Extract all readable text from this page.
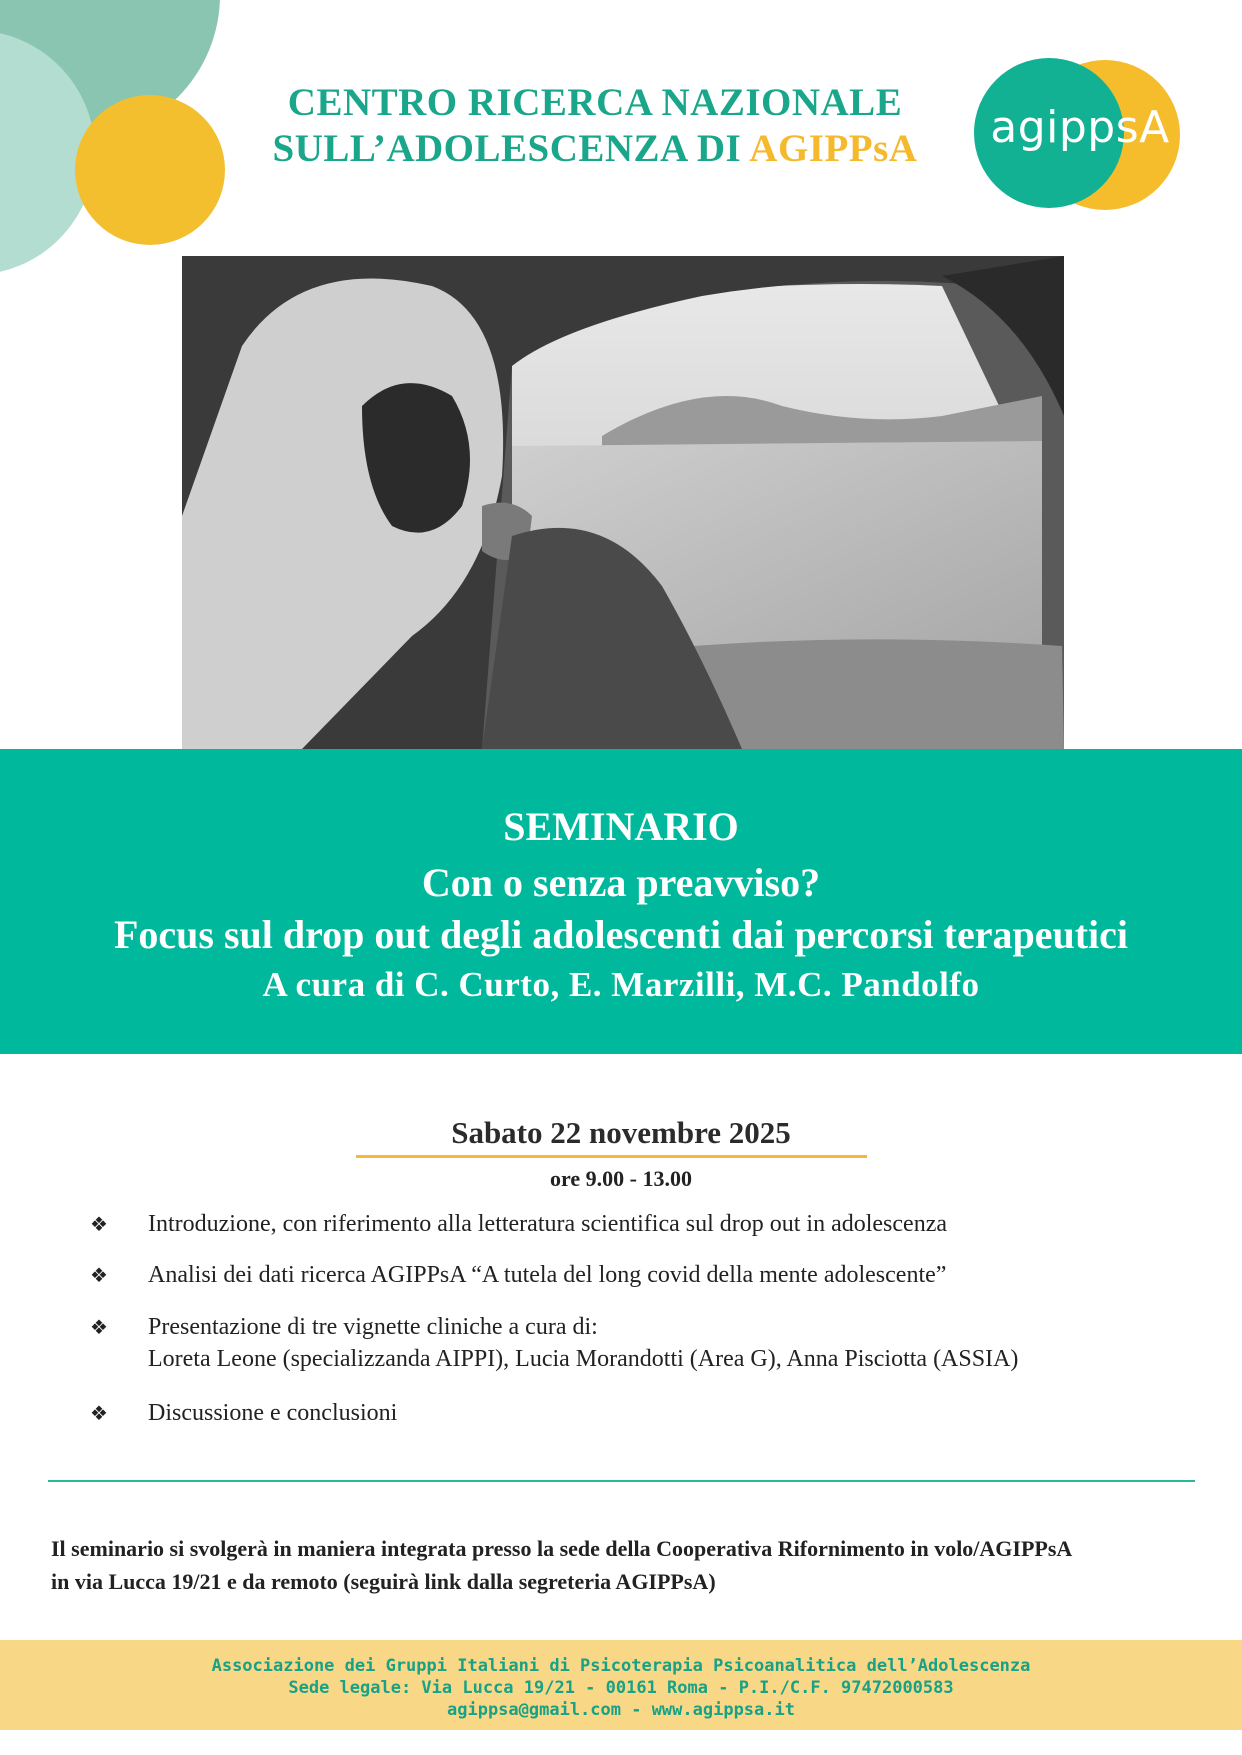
CENTRO RICERCA NAZIONALE
SULL’ADOLESCENZA DI AGIPPsA	agippsA
SEMINARIO
Con o senza preavviso?
Focus sul drop out degli adolescenti dai percorsi terapeutici
A cura di C. Curto, E. Marzilli, M.C. Pandolfo
Sabato 22 novembre 2025
ore 9.00 - 13.00
❖	Introduzione, con riferimento alla letteratura scientifica sul drop out in adolescenza
❖	Analisi dei dati ricerca AGIPPsA “A tutela del long covid della mente adolescente”
❖	Presentazione di tre vignette cliniche a cura di:
Loreta Leone (specializzanda AIPPI), Lucia Morandotti (Area G), Anna Pisciotta (ASSIA)
❖	Discussione e conclusioni
Il seminario si svolgerà in maniera integrata presso la sede della Cooperativa Rifornimento in volo/AGIPPsA
in via Lucca 19/21 e da remoto (seguirà link dalla segreteria AGIPPsA)
Associazione dei Gruppi Italiani di Psicoterapia Psicoanalitica dell’Adolescenza
Sede legale: Via Lucca 19/21 - 00161 Roma - P.I./C.F. 97472000583
agippsa@gmail.com - www.agippsa.it
